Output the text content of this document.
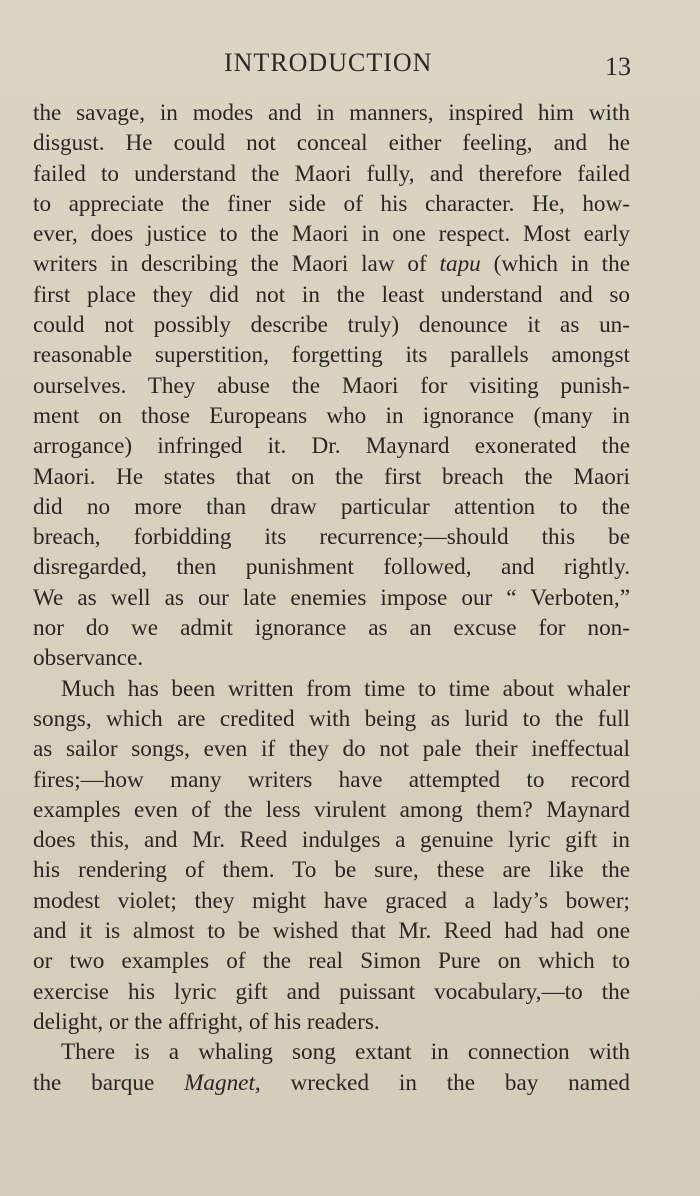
INTRODUCTION	13
the savage, in modes and in manners, inspired him with
disgust. He could not conceal either feeling, and he
failed to understand the Maori fully, and therefore failed
to appreciate the finer side of his character. He, how-
ever, does justice to the Maori in one respect. Most early
writers in describing the Maori law of tapu (which in the
first place they did not in the least understand and so
could not possibly describe truly) denounce it as un-
reasonable superstition, forgetting its parallels amongst
ourselves. They abuse the Maori for visiting punish-
ment on those Europeans who in ignorance (many in
arrogance) infringed it. Dr. Maynard exonerated the
Maori. He states that on the first breach the Maori
did no more than draw particular attention to the
breach, forbidding its recurrence;—should this be
disregarded, then punishment followed, and rightly.
We as well as our late enemies impose our “ Verboten,”
nor do we admit ignorance as an excuse for non-
observance.
Much has been written from time to time about whaler
songs, which are credited with being as lurid to the full
as sailor songs, even if they do not pale their ineffectual
fires;—how many writers have attempted to record
examples even of the less virulent among them? Maynard
does this, and Mr. Reed indulges a genuine lyric gift in
his rendering of them. To be sure, these are like the
modest violet; they might have graced a lady’s bower;
and it is almost to be wished that Mr. Reed had had one
or two examples of the real Simon Pure on which to
exercise his lyric gift and puissant vocabulary,—to the
delight, or the affright, of his readers.
There is a whaling song extant in connection with
the barque Magnet, wrecked in the bay named
